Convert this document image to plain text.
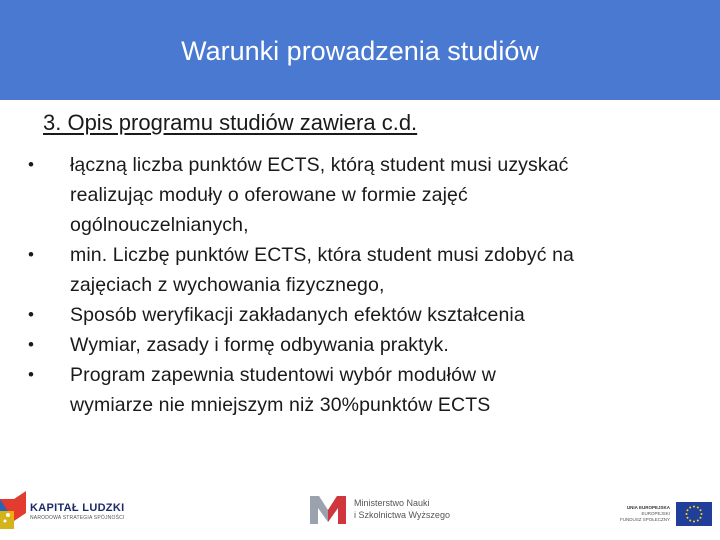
Warunki prowadzenia studiów
3. Opis programu studiów zawiera c.d.
• łączną liczba punktów ECTS, którą student musi uzyskać
realizując moduły o oferowane w formie zajęć
ogólnouczelnianych,
• min. Liczbę punktów ECTS, która student musi zdobyć na
zajęciach z wychowania fizycznego,
• Sposób weryfikacji zakładanych efektów kształcenia
• Wymiar, zasady i formę odbywania praktyk.
• Program zapewnia studentowi wybór modułów w
wymiarze nie mniejszym niż 30%punktów ECTS
KAPITAŁ LUDZKI
NARODOWA STRATEGIA SPÓJNOŚCI
Ministerstwo Nauki
i Szkolnictwa Wyższego
UNIA EUROPEJSKA
EUROPEJSKI
FUNDUSZ SPOŁECZNY
